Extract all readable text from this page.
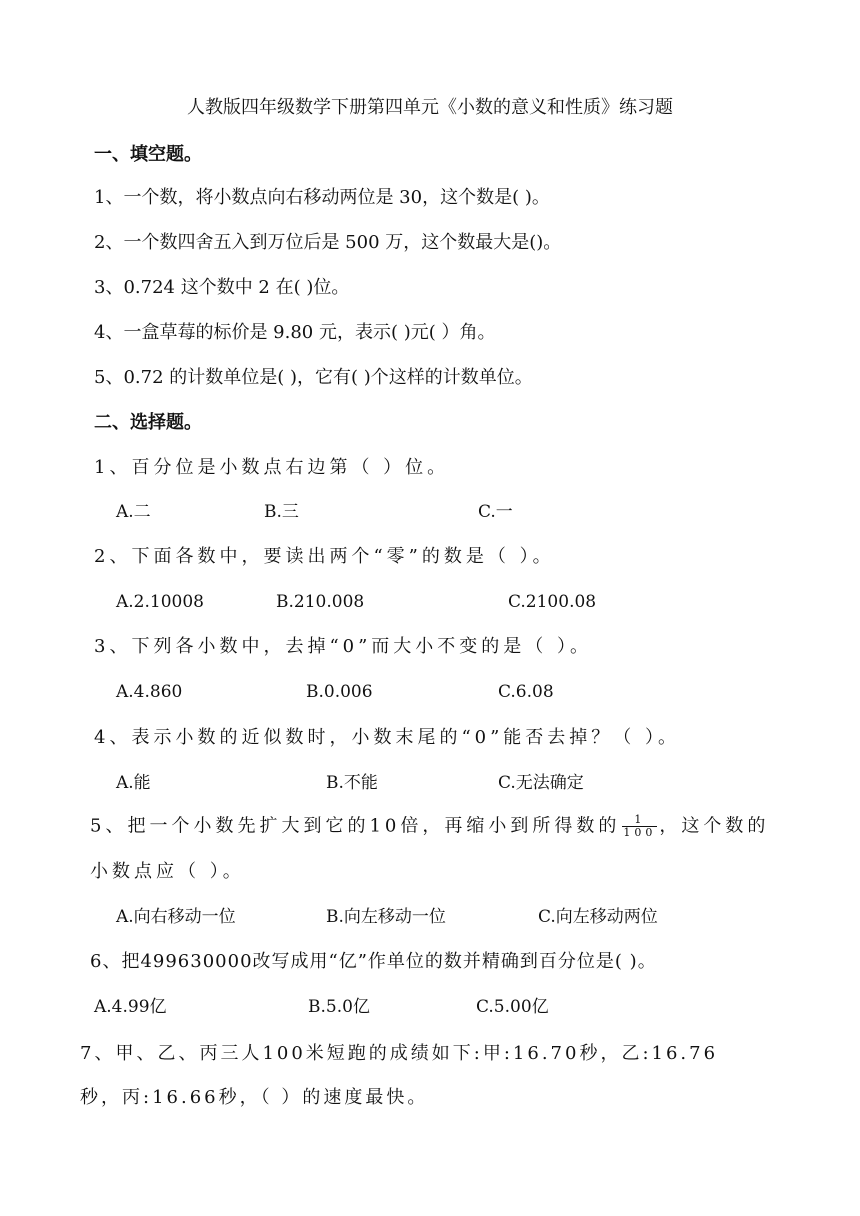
人教版四年级数学下册第四单元《小数的意义和性质》练习题
一、填空题。
1、一个数，将小数点向右移动两位是 30，这个数是( )。
2、一个数四舍五入到万位后是 500 万，这个数最大是()。
3、0.724 这个数中 2 在( )位。
4、一盒草莓的标价是 9.80 元，表示( )元( ）角。
5、0.72 的计数单位是( )，它有( )个这样的计数单位。
二、选择题。
1、百分位是小数点右边第（ ）位。
A.二	B.三	C.一
2、下面各数中，要读出两个“零”的数是（ ）。
A.2.10008	B.210.008	C.2100.08
3、下列各小数中，去掉“0”而大小不变的是（ ）。
A.4.860	B.0.006	C.6.08
4、表示小数的近似数时，小数末尾的“0”能否去掉？（ ）。
A.能	B.不能	C.无法确定
5、把一个小数先扩大到它的10倍，再缩小到所得数的 $\frac{1}{100}$ ，这个数的
小数点应（ ）。
A.向右移动一位	B.向左移动一位	C.向左移动两位
6、把499630000改写成用“亿”作单位的数并精确到百分位是( )。
A.4.99亿	B.5.0亿	C.5.00亿
7、甲、乙、丙三人100米短跑的成绩如下:甲:16.70秒，乙:16.76
秒，丙:16.66秒，（ ）的速度最快。
